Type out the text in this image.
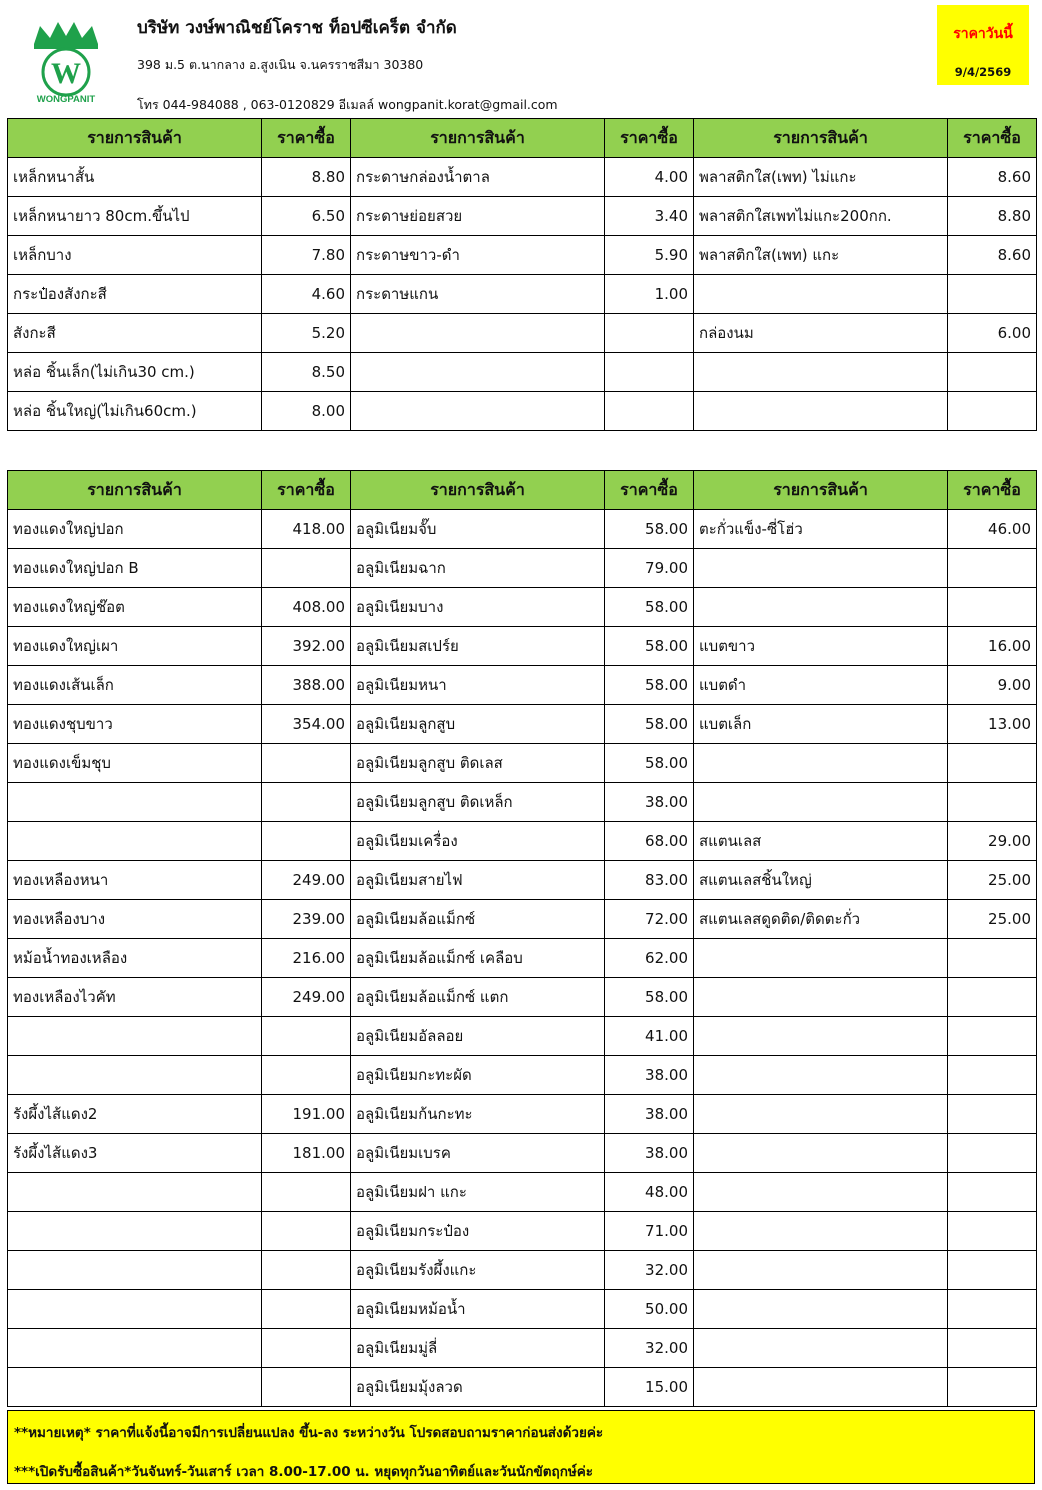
W
WONGPANIT
บริษัท วงษ์พาณิชย์โคราช ท็อปซีเคร็ต จำกัด
398 ม.5 ต.นากลาง อ.สูงเนิน จ.นครราชสีมา 30380
โทร 044-984088 , 063-0120829 อีเมลล์ wongpanit.korat@gmail.com
ราคาวันนี้
9/4/2569
รายการสินค้า	ราคาซื้อ	รายการสินค้า	ราคาซื้อ	รายการสินค้า	ราคาซื้อ
เหล็กหนาสั้น	8.80	กระดาษกล่องน้ำตาล	4.00	พลาสติกใส(เพท) ไม่แกะ	8.60
เหล็กหนายาว 80cm.ขึ้นไป	6.50	กระดาษย่อยสวย	3.40	พลาสติกใสเพทไม่แกะ200กก.	8.80
เหล็กบาง	7.80	กระดาษขาว-ดำ	5.90	พลาสติกใส(เพท) แกะ	8.60
กระป๋องสังกะสี	4.60	กระดาษแกน	1.00		
สังกะสี	5.20			กล่องนม	6.00
หล่อ ชิ้นเล็ก(ไม่เกิน30 cm.)	8.50				
หล่อ ชิ้นใหญ่(ไม่เกิน60cm.)	8.00				
รายการสินค้า	ราคาซื้อ	รายการสินค้า	ราคาซื้อ	รายการสินค้า	ราคาซื้อ
ทองแดงใหญ่ปอก	418.00	อลูมิเนียมจั๊บ	58.00	ตะกั่วแข็ง-ซี่โฮ่ว	46.00
ทองแดงใหญ่ปอก B		อลูมิเนียมฉาก	79.00		
ทองแดงใหญ่ช๊อต	408.00	อลูมิเนียมบาง	58.00		
ทองแดงใหญ่เผา	392.00	อลูมิเนียมสเปร์ย	58.00	แบตขาว	16.00
ทองแดงเส้นเล็ก	388.00	อลูมิเนียมหนา	58.00	แบตดำ	9.00
ทองแดงชุบขาว	354.00	อลูมิเนียมลูกสูบ	58.00	แบตเล็ก	13.00
ทองแดงเข็มชุบ		อลูมิเนียมลูกสูบ ติดเลส	58.00		
		อลูมิเนียมลูกสูบ ติดเหล็ก	38.00		
		อลูมิเนียมเครื่อง	68.00	สแตนเลส	29.00
ทองเหลืองหนา	249.00	อลูมิเนียมสายไฟ	83.00	สแตนเลสชิ้นใหญ่	25.00
ทองเหลืองบาง	239.00	อลูมิเนียมล้อแม็กซ์	72.00	สแตนเลสดูดติด/ติดตะกั่ว	25.00
หม้อน้ำทองเหลือง	216.00	อลูมิเนียมล้อแม็กซ์ เคลือบ	62.00		
ทองเหลืองไวคัท	249.00	อลูมิเนียมล้อแม็กซ์ แตก	58.00		
		อลูมิเนียมอัลลอย	41.00		
		อลูมิเนียมกะทะผัด	38.00		
รังผึ้งไส้แดง2	191.00	อลูมิเนียมก้นกะทะ	38.00		
รังผึ้งไส้แดง3	181.00	อลูมิเนียมเบรค	38.00		
		อลูมิเนียมฝา แกะ	48.00		
		อลูมิเนียมกระป๋อง	71.00		
		อลูมิเนียมรังผึ้งแกะ	32.00		
		อลูมิเนียมหม้อน้ำ	50.00		
		อลูมิเนียมมู่ลี่	32.00		
		อลูมิเนียมมุ้งลวด	15.00		
**หมายเหตุ* ราคาที่แจ้งนี้อาจมีการเปลี่ยนแปลง ขึ้น-ลง ระหว่างวัน โปรดสอบถามราคาก่อนส่งด้วยค่ะ
***เปิดรับซื้อสินค้า*วันจันทร์-วันเสาร์ เวลา 8.00-17.00 น. หยุดทุกวันอาทิตย์และวันนักขัตฤกษ์ค่ะ
